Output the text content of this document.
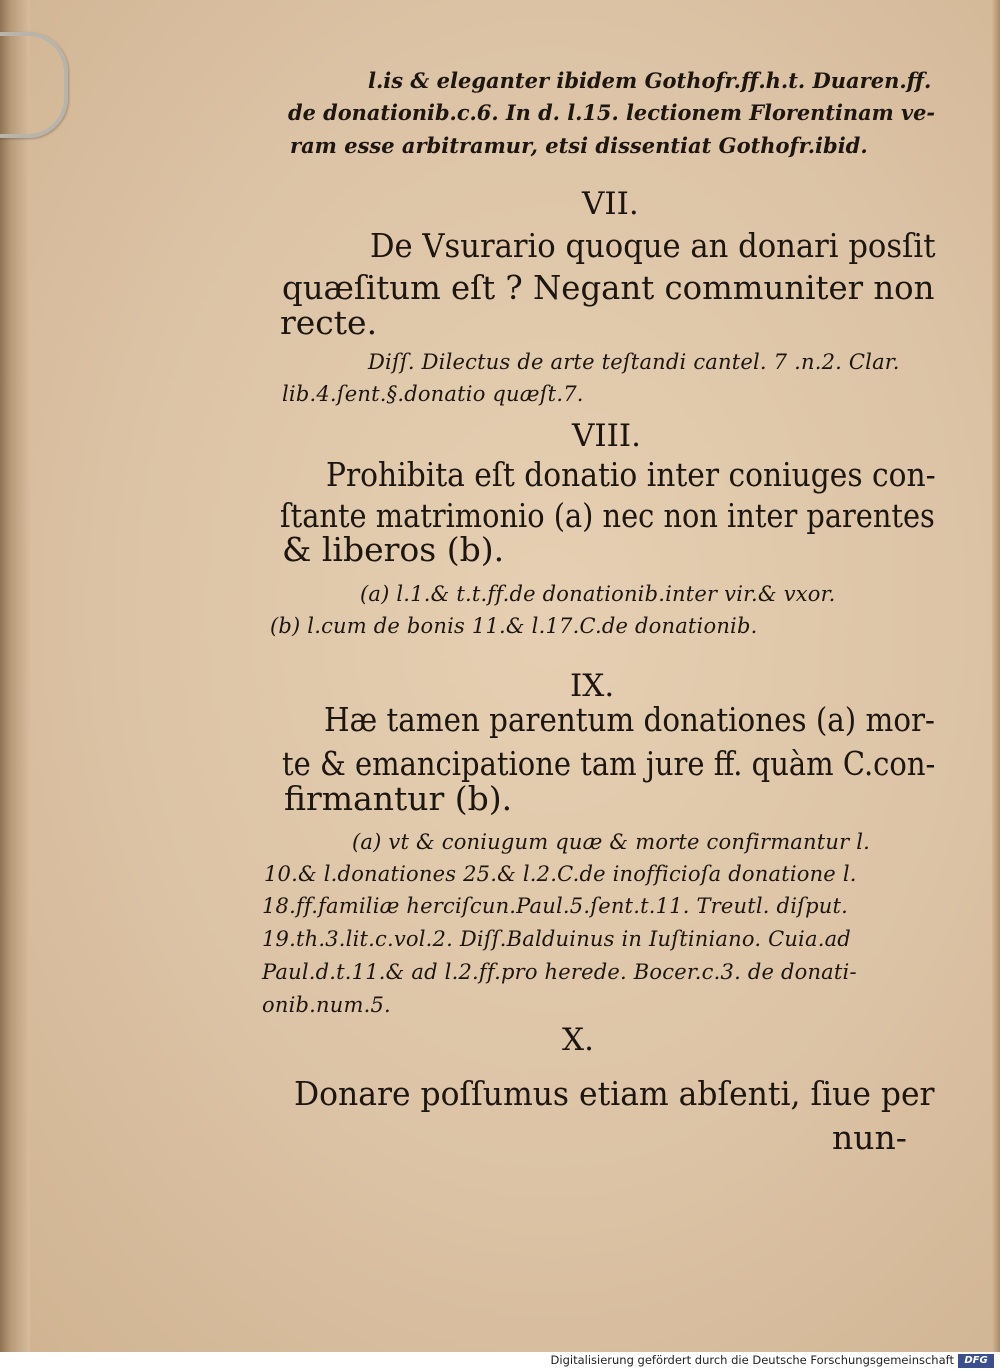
l.is & eleganter ibidem Gothofr.ff.h.t. Duaren.ff.

de donationib.c.6. In d. l.15. lectionem Florentinam ve-

ram esse arbitramur, etsi dissentiat Gothofr.ibid.

VII.

De Vsurario quoque an donari posſit

quæſitum eſt ? Negant communiter non

recte.

Diſſ. Dilectus de arte teſtandi cantel. 7 .n.2. Clar.

lib.4.ſent.§.donatio quæſt.7.

VIII.

Prohibita eſt donatio inter coniuges con-

ſtante matrimonio (a) nec non inter parentes

& liberos (b).

(a) l.1.& t.t.ff.de donationib.inter vir.& vxor.

(b) l.cum de bonis 11.& l.17.C.de donationib.

IX.

Hæ tamen parentum donationes (a) mor-

te & emancipatione tam jure ff. quàm C.con-

firmantur (b).

(a) vt & coniugum quæ & morte confirmantur l.

10.& l.donationes 25.& l.2.C.de inofficioſa donatione l.

18.ff.familiæ herciſcun.Paul.5.ſent.t.11. Treutl. diſput.

19.th.3.lit.c.vol.2. Diſſ.Balduinus in Iuſtiniano. Cuia.ad

Paul.d.t.11.& ad l.2.ff.pro herede. Bocer.c.3. de donati-

onib.num.5.

X.

Donare poſſumus etiam abſenti, ſiue per

nun-

Digitalisierung gefördert durch die Deutsche Forschungsgemeinschaft	DFG
